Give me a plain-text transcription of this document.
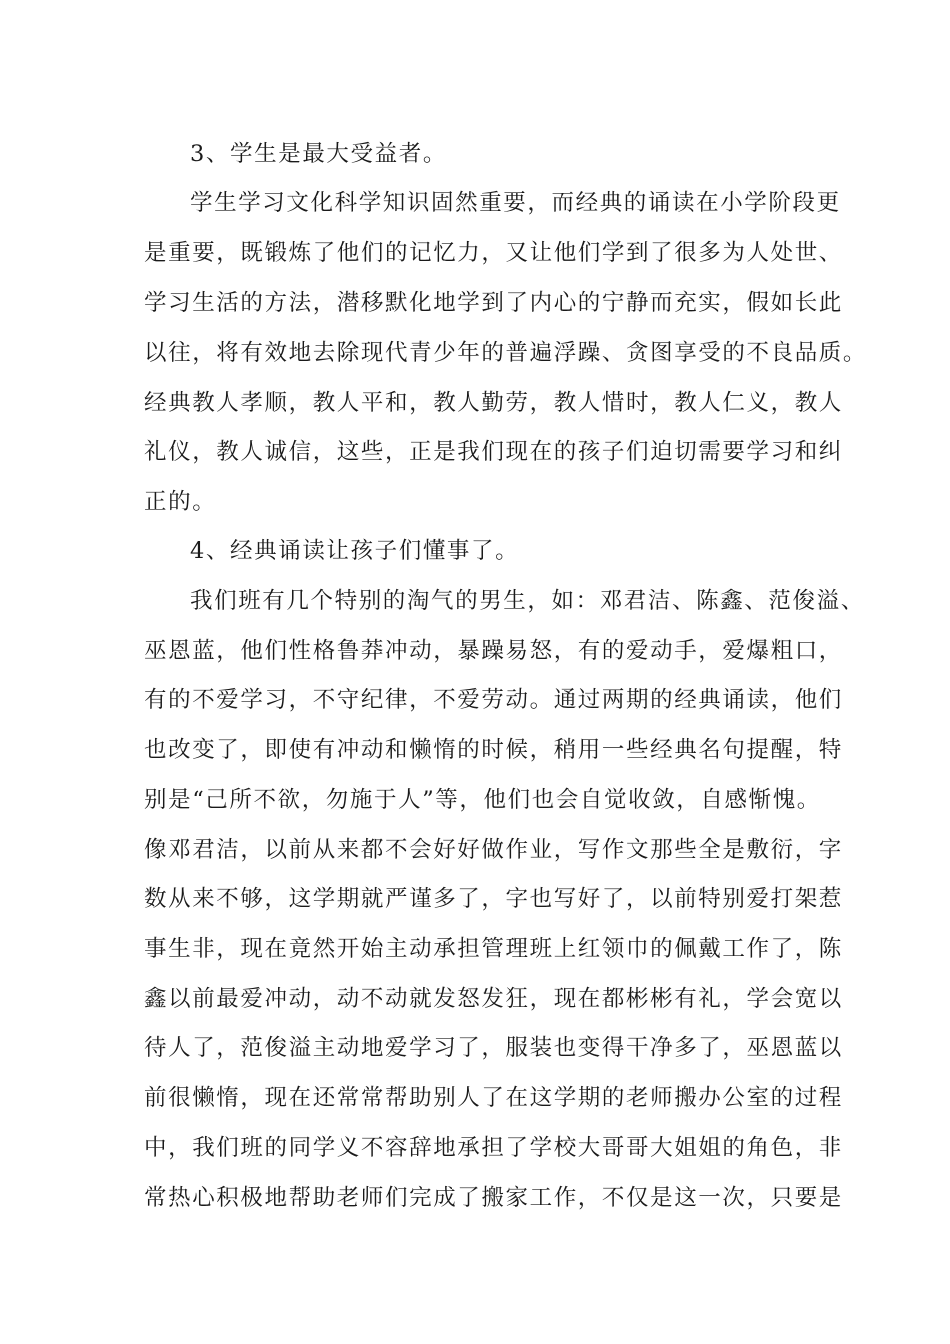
3、学生是最大受益者。
学生学习文化科学知识固然重要，而经典的诵读在小学阶段更
是重要，既锻炼了他们的记忆力，又让他们学到了很多为人处世、
学习生活的方法，潜移默化地学到了内心的宁静而充实，假如长此
以往，将有效地去除现代青少年的普遍浮躁、贪图享受的不良品质。
经典教人孝顺，教人平和，教人勤劳，教人惜时，教人仁义，教人
礼仪，教人诚信，这些，正是我们现在的孩子们迫切需要学习和纠
正的。
4、经典诵读让孩子们懂事了。
我们班有几个特别的淘气的男生，如：邓君洁、陈鑫、范俊溢、
巫恩蓝，他们性格鲁莽冲动，暴躁易怒，有的爱动手，爱爆粗口，
有的不爱学习，不守纪律，不爱劳动。通过两期的经典诵读，他们
也改变了，即使有冲动和懒惰的时候，稍用一些经典名句提醒，特
别是“己所不欲，勿施于人”等，他们也会自觉收敛，自感惭愧。
像邓君洁，以前从来都不会好好做作业，写作文那些全是敷衍，字
数从来不够，这学期就严谨多了，字也写好了，以前特别爱打架惹
事生非，现在竟然开始主动承担管理班上红领巾的佩戴工作了，陈
鑫以前最爱冲动，动不动就发怒发狂，现在都彬彬有礼，学会宽以
待人了，范俊溢主动地爱学习了，服装也变得干净多了，巫恩蓝以
前很懒惰，现在还常常帮助别人了在这学期的老师搬办公室的过程
中，我们班的同学义不容辞地承担了学校大哥哥大姐姐的角色，非
常热心积极地帮助老师们完成了搬家工作，不仅是这一次，只要是
